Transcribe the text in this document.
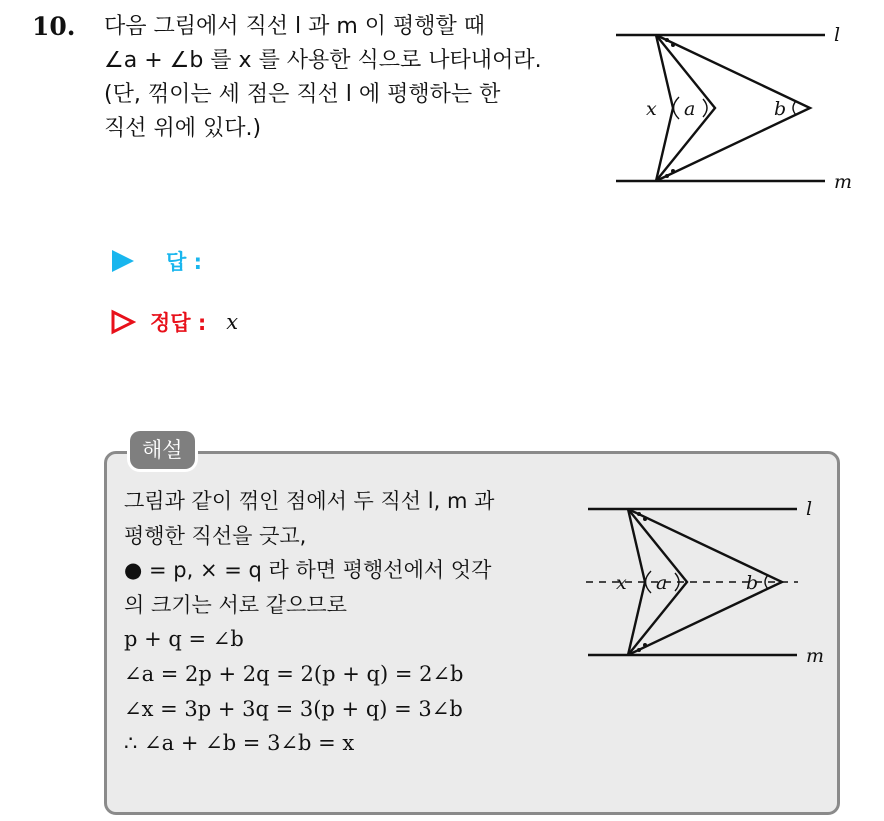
10. 다음 그림에서 직선 l 과 m 이 평행할 때

∠a + ∠b 를 x 를 사용한 식으로 나타내어라.

(단, 꺾이는 세 점은 직선 l 에 평행하는 한

직선 위에 있다.)

l
m
x a	b
답 :
정답 : x
해설

그림과 같이 꺾인 점에서 두 직선 l, m 과

평행한 직선을 긋고,

● = p, × = q 라 하면 평행선에서 엇각

의 크기는 서로 같으므로

p + q = ∠b

∠a = 2p + 2q = 2(p + q) = 2∠b

∠x = 3p + 3q = 3(p + q) = 3∠b

∴ ∠a + ∠b = 3∠b = x

l
m
x a	b
